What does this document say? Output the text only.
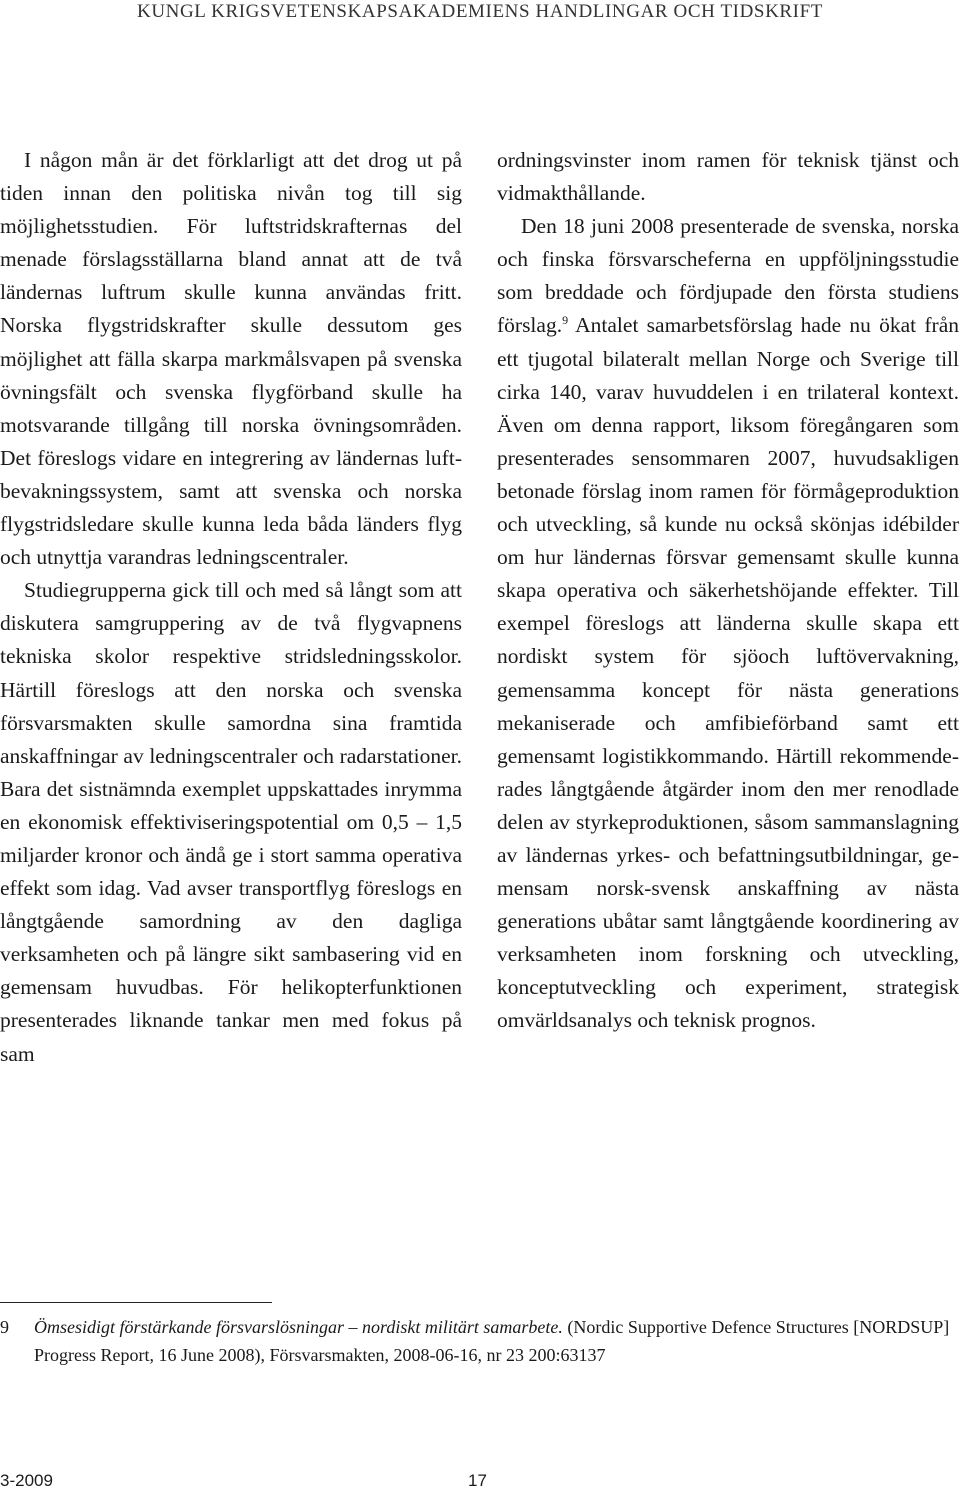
KUNGL KRIGSVETENSKAPSAKADEMIENS HANDLINGAR OCH TIDSKRIFT

I någon mån är det förklarligt att det drog ut på tiden innan den politiska nivån tog till sig möjlighetsstudien. För luftstridskrafternas del menade förslagsställarna bland annat att de två ländernas luftrum skulle kunna användas fritt. Norska flygstridskrafter skulle dessutom ges möjlighet att fälla skarpa markmålsvapen på svenska övningsfält och svenska flygförband skulle ha motsvarande tillgång till norska övningsområden. Det föreslogs vidare en integrering av ländernas luftbevakningssystem, samt att svenska och norska flygstridsledare skulle kunna leda båda länders flyg och utnyttja varandras ledningscentraler.

Studiegrupperna gick till och med så långt som att diskutera samgruppering av de två flygvapnens tekniska skolor respektive stridsledningsskolor. Härtill föreslogs att den norska och svenska försvarsmakten skulle samordna sina framtida anskaffningar av ledningscentraler och radarstationer. Bara det sistnämnda exemplet uppskattades inrymma en ekonomisk effektiviseringspotential om 0,5 – 1,5 miljarder kronor och ändå ge i stort samma operativa effekt som idag. Vad avser transportflyg föreslogs en långtgående samordning av den dagliga verksamheten och på längre sikt sambasering vid en gemensam huvudbas. För helikopterfunktionen presenterades liknande tankar men med fokus på sam

ordningsvinster inom ramen för teknisk tjänst och vidmakthållande.

Den 18 juni 2008 presenterade de svenska, norska och finska försvarscheferna en uppföljningsstudie som breddade och fördjupade den första studiens förslag.$^9$ Antalet samarbetsförslag hade nu ökat från ett tjugotal bilateralt mellan Norge och Sverige till cirka 140, varav huvuddelen i en trilateral kontext. Även om denna rapport, liksom föregångaren som presenterades sensommaren 2007, huvudsakligen betonade förslag inom ramen för förmågeproduktion och utveckling, så kunde nu också skönjas idébilder om hur ländernas försvar gemensamt skulle kunna skapa operativa och säkerhetshöjande effekter. Till exempel föreslogs att länderna skulle skapa ett nordiskt system för sjöoch luftövervakning, gemensamma koncept för nästa generations mekaniserade och amfibieförband samt ett gemensamt logistikkommando. Härtill rekommenderades långtgående åtgärder inom den mer renodlade delen av styrkeproduktionen, såsom sammanslagning av ländernas yrkes- och befattningsutbildningar, gemensam norsk-svensk anskaffning av nästa generations ubåtar samt långtgående koordinering av verksamheten inom forskning och utveckling, konceptutveckling och experiment, strategisk omvärldsanalys och teknisk prognos.

9 Ömsesidigt förstärkande försvarslösningar – nordiskt militärt samarbete. (Nordic Supportive Defence Structures [NORDSUP] Progress Report, 16 June 2008), Försvarsmakten, 2008-06-16, nr 23 200:63137
3-2009	17
